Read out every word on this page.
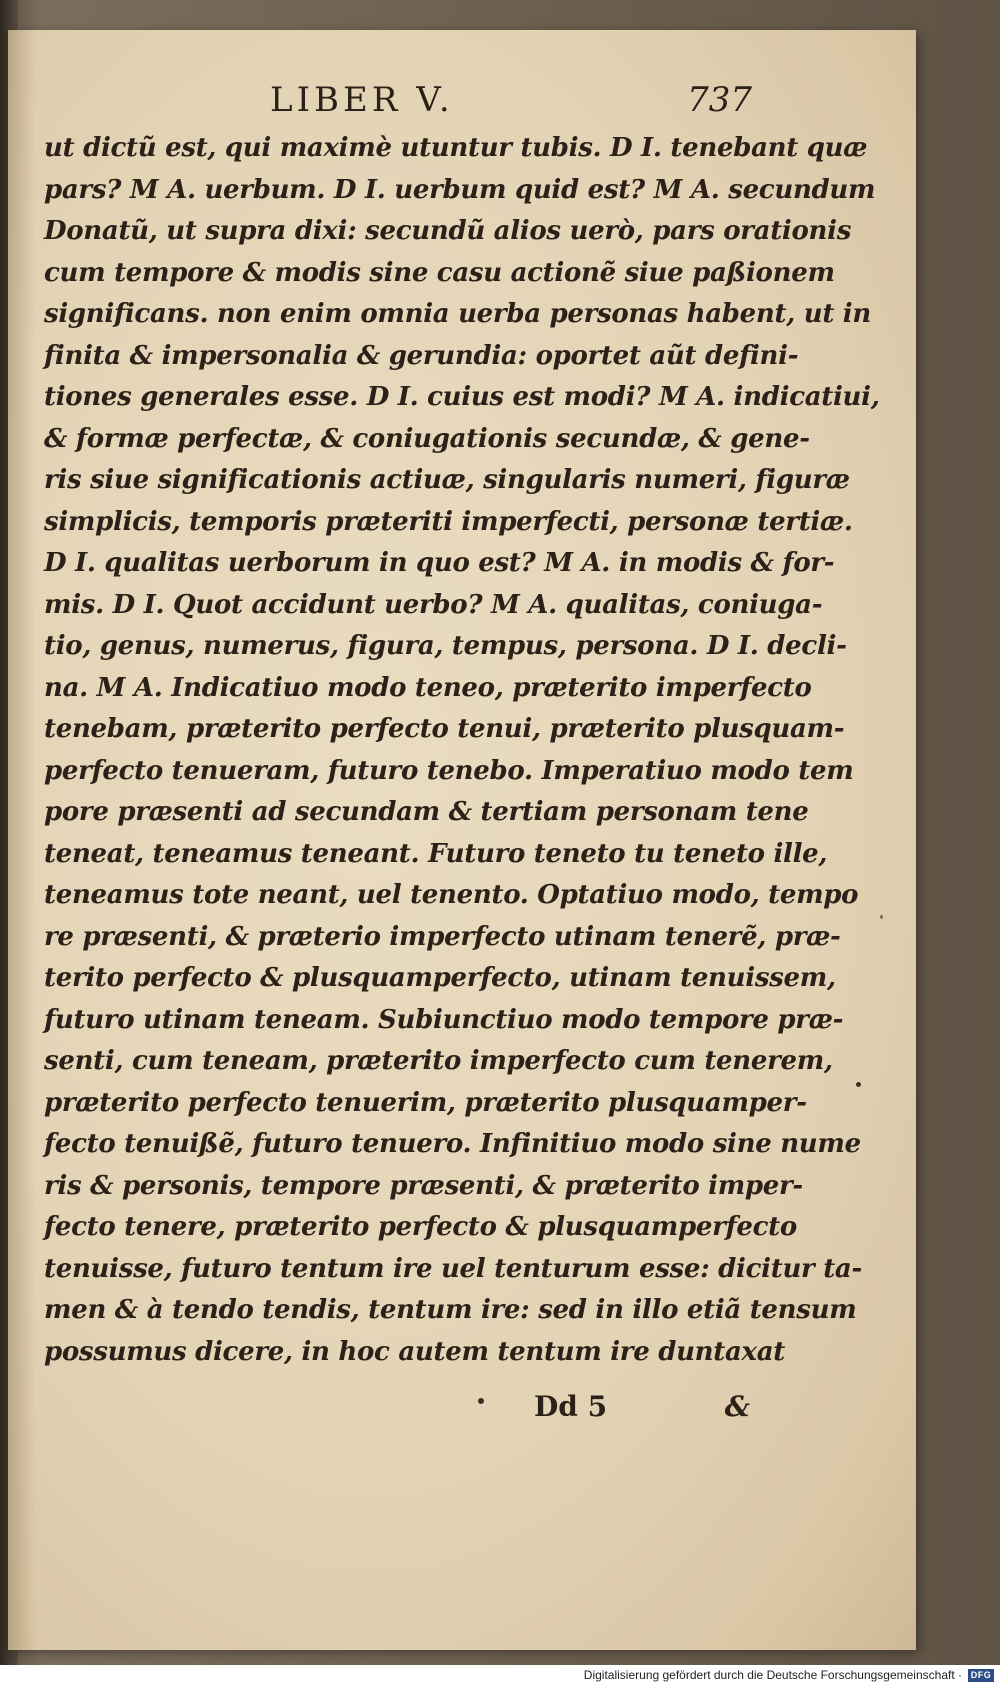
LIBER V.	737
ut dictũ est, qui maximè utuntur tubis. D I. tenebant quæ
pars? M A. uerbum. D I. uerbum quid est? M A. secundum
Donatũ, ut supra dixi: secundũ alios uerò, pars orationis
cum tempore & modis sine casu actionẽ siue paßionem
significans. non enim omnia uerba personas habent, ut in
finita & impersonalia & gerundia: oportet aũt defini-
tiones generales esse. D I. cuius est modi? M A. indicatiui,
& formæ perfectæ, & coniugationis secundæ, & gene-
ris siue significationis actiuæ, singularis numeri, figuræ
simplicis, temporis præteriti imperfecti, personæ tertiæ.
D I. qualitas uerborum in quo est? M A. in modis & for-
mis. D I. Quot accidunt uerbo? M A. qualitas, coniuga-
tio, genus, numerus, figura, tempus, persona. D I. decli-
na. M A. Indicatiuo modo teneo, præterito imperfecto
tenebam, præterito perfecto tenui, præterito plusquam-
perfecto tenueram, futuro tenebo. Imperatiuo modo tem
pore præsenti ad secundam & tertiam personam tene
teneat, teneamus teneant. Futuro teneto tu teneto ille,
teneamus tote neant, uel tenento. Optatiuo modo, tempo
re præsenti, & præterio imperfecto utinam tenerẽ, præ-
terito perfecto & plusquamperfecto, utinam tenuissem,
futuro utinam teneam. Subiunctiuo modo tempore præ-
senti, cum teneam, præterito imperfecto cum tenerem,
præterito perfecto tenuerim, præterito plusquamper-
fecto tenuißẽ, futuro tenuero. Infinitiuo modo sine nume
ris & personis, tempore præsenti, & præterito imper-
fecto tenere, præterito perfecto & plusquamperfecto
tenuisse, futuro tentum ire uel tenturum esse: dicitur ta-
men & à tendo tendis, tentum ire: sed in illo etiã tensum
possumus dicere, in hoc autem tentum ire duntaxat
Dd 5	&
Digitalisierung gefördert durch die Deutsche Forschungsgemeinschaft · DFG
